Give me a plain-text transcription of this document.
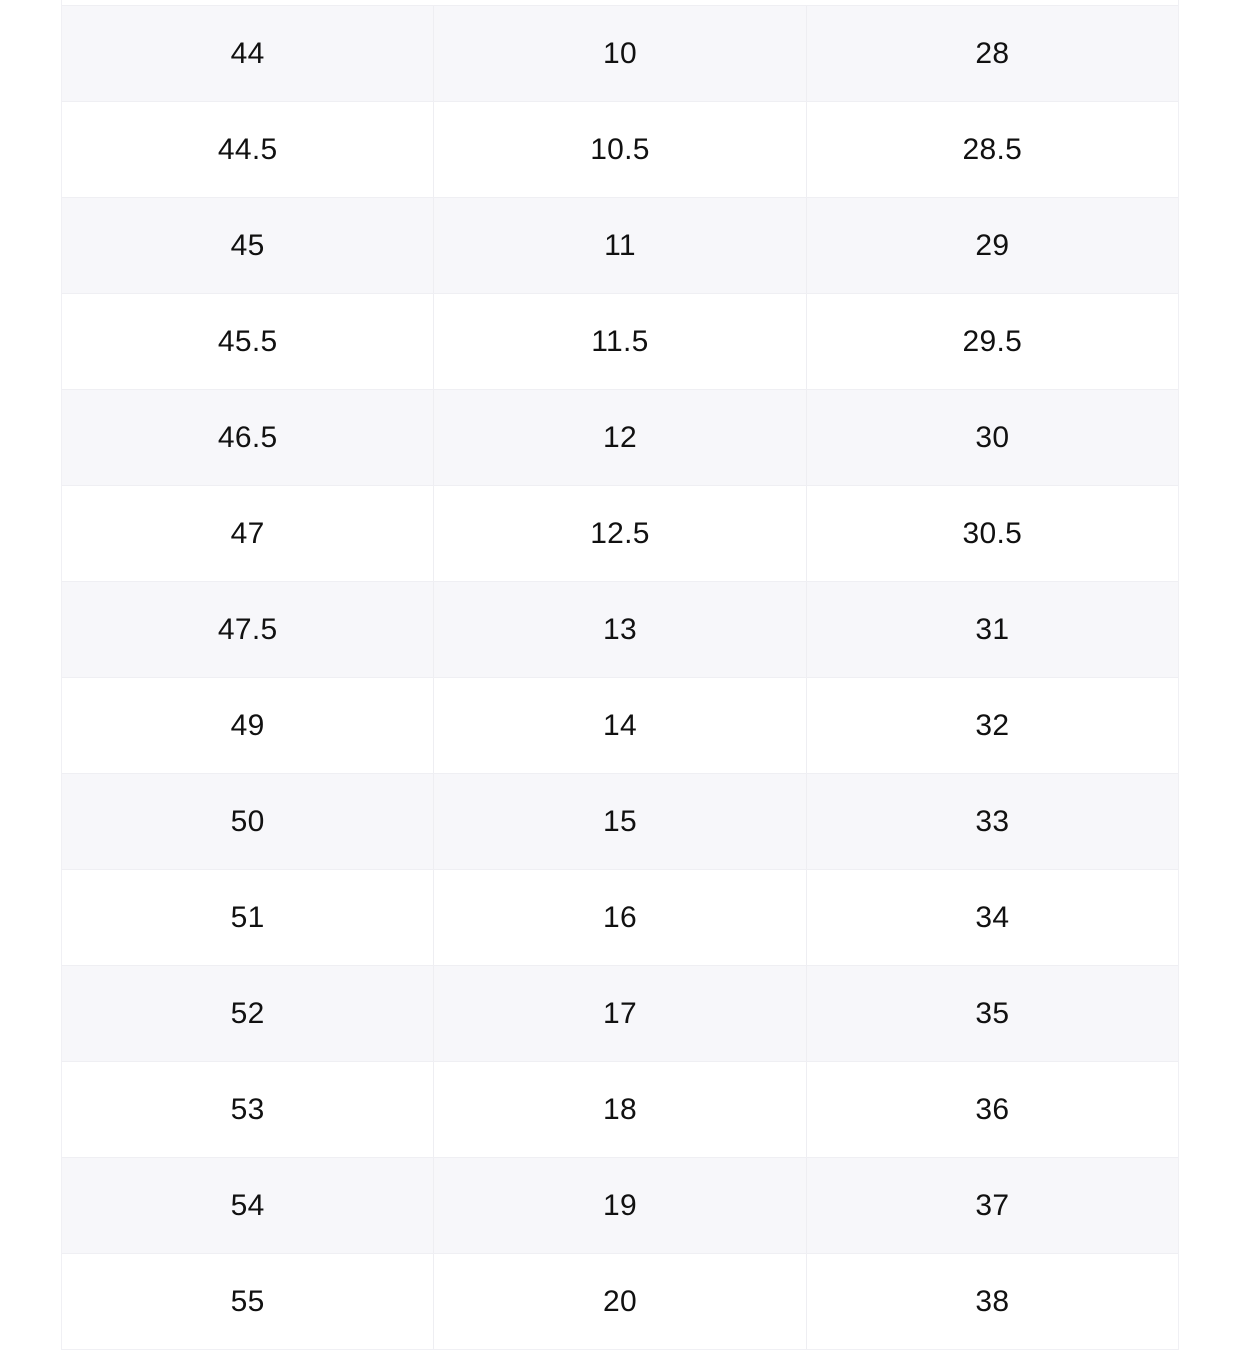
44	10	28
44.5	10.5	28.5
45	11	29
45.5	11.5	29.5
46.5	12	30
47	12.5	30.5
47.5	13	31
49	14	32
50	15	33
51	16	34
52	17	35
53	18	36
54	19	37
55	20	38
